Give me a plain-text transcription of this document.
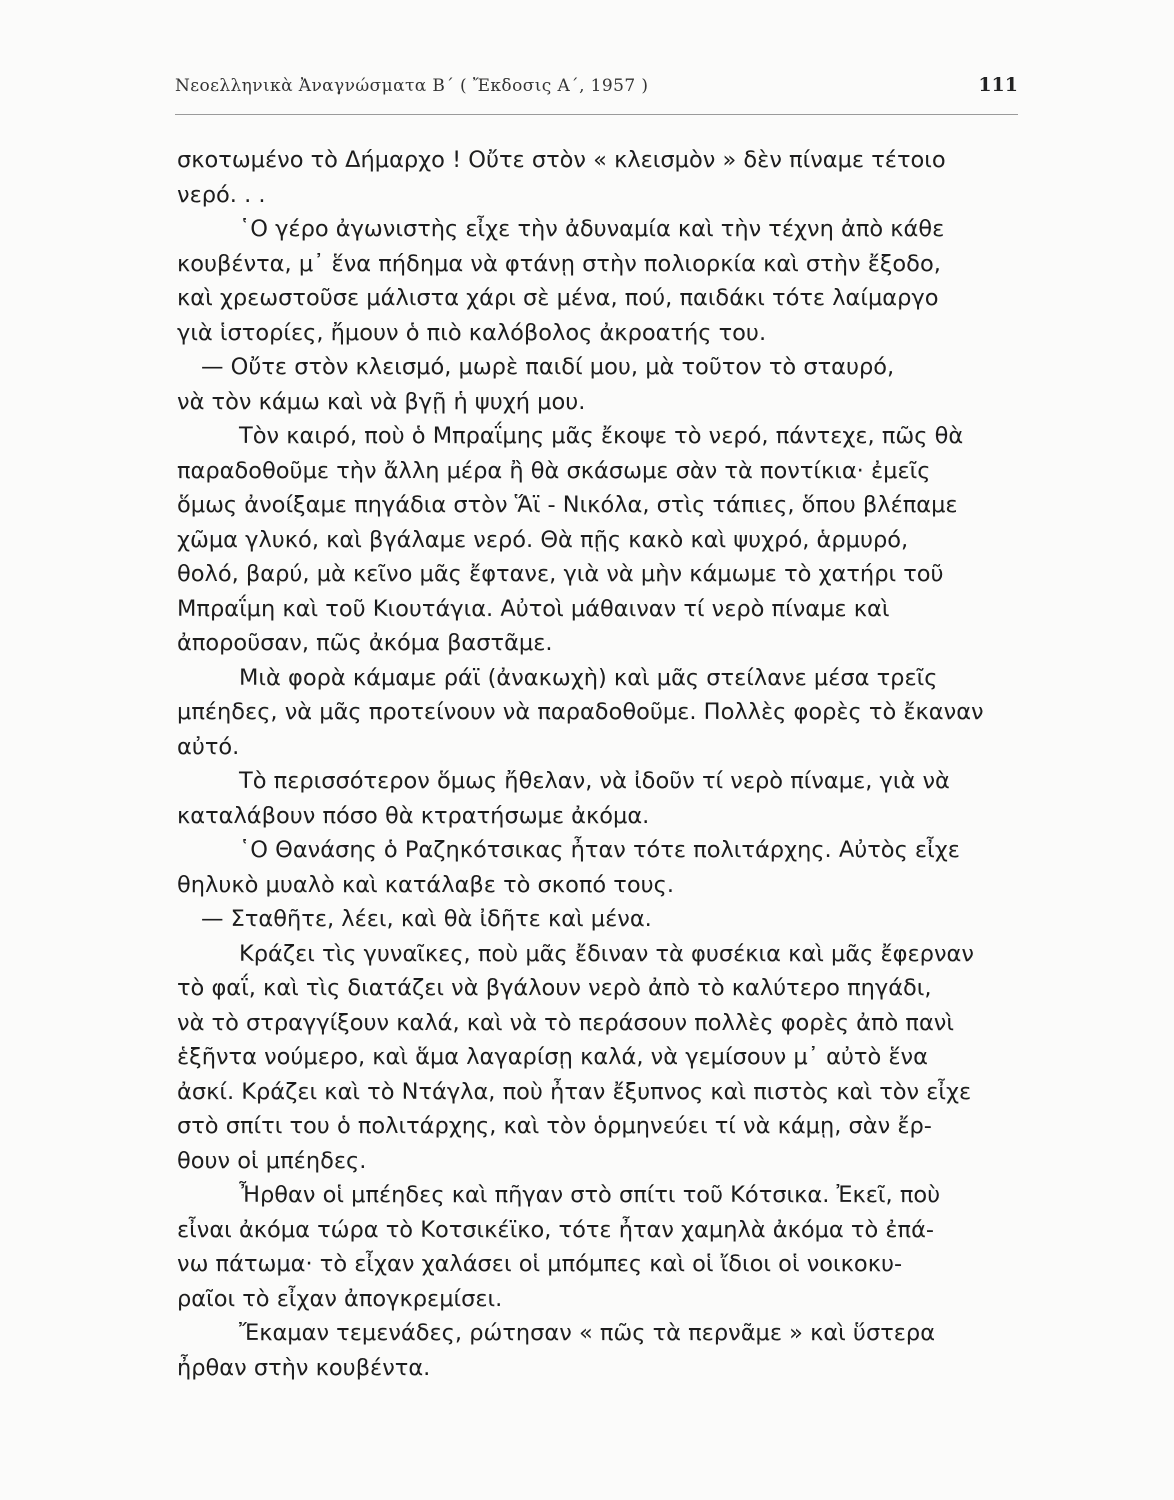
Νεοελληνικὰ Ἀναγνώσματα Β΄ ( Ἔκδοσις Α΄, 1957 )	111

σκοτωμένο τὸ Δήμαρχο ! Οὔτε στὸν « κλεισμὸν » δὲν πίναμε τέτοιο
νερό. . .

῾Ο γέρο ἀγωνιστὴς εἶχε τὴν ἀδυναμία καὶ τὴν τέχνη ἀπὸ κάθε
κουβέντα, μ᾿ ἕνα πήδημα νὰ φτάνῃ στὴν πολιορκία καὶ στὴν ἔξοδο,
καὶ χρεωστοῦσε μάλιστα χάρι σὲ μένα, πού, παιδάκι τότε λαίμαργο
γιὰ ἱστορίες, ἤμουν ὁ πιὸ καλόβολος ἀκροατής του.

— Οὔτε στὸν κλεισμό, μωρὲ παιδί μου, μὰ τοῦτον τὸ σταυρό,
νὰ τὸν κάμω καὶ νὰ βγῇ ἡ ψυχή μου.

Τὸν καιρό, ποὺ ὁ Μπραΐμης μᾶς ἔκοψε τὸ νερό, πάντεχε, πῶς θὰ
παραδοθοῦμε τὴν ἄλλη μέρα ἢ θὰ σκάσωμε σὰν τὰ ποντίκια· ἐμεῖς
ὅμως ἀνοίξαμε πηγάδια στὸν Ἅϊ - Νικόλα, στὶς τάπιες, ὅπου βλέπαμε
χῶμα γλυκό, καὶ βγάλαμε νερό. Θὰ πῇς κακὸ καὶ ψυχρό, ἁρμυρό,
θολό, βαρύ, μὰ κεῖνο μᾶς ἔφτανε, γιὰ νὰ μὴν κάμωμε τὸ χατήρι τοῦ
Μπραΐμη καὶ τοῦ Κιουτάγια. Αὐτοὶ μάθαιναν τί νερὸ πίναμε καὶ
ἀποροῦσαν, πῶς ἀκόμα βαστᾶμε.

Μιὰ φορὰ κάμαμε ράϊ (ἀνακωχὴ) καὶ μᾶς στείλανε μέσα τρεῖς
μπέηδες, νὰ μᾶς προτείνουν νὰ παραδοθοῦμε. Πολλὲς φορὲς τὸ ἔκαναν
αὐτό.

Τὸ περισσότερον ὅμως ἤθελαν, νὰ ἰδοῦν τί νερὸ πίναμε, γιὰ νὰ
καταλάβουν πόσο θὰ κτρατήσωμε ἀκόμα.

῾Ο Θανάσης ὁ Ραζηκότσικας ἦταν τότε πολιτάρχης. Αὐτὸς εἶχε
θηλυκὸ μυαλὸ καὶ κατάλαβε τὸ σκοπό τους.

— Σταθῆτε, λέει, καὶ θὰ ἰδῆτε καὶ μένα.

Κράζει τὶς γυναῖκες, ποὺ μᾶς ἔδιναν τὰ φυσέκια καὶ μᾶς ἔφερναν
τὸ φαΐ, καὶ τὶς διατάζει νὰ βγάλουν νερὸ ἀπὸ τὸ καλύτερο πηγάδι,
νὰ τὸ στραγγίξουν καλά, καὶ νὰ τὸ περάσουν πολλὲς φορὲς ἀπὸ πανὶ
ἑξῆντα νούμερο, καὶ ἅμα λαγαρίσῃ καλά, νὰ γεμίσουν μ᾿ αὐτὸ ἕνα
ἀσκί. Κράζει καὶ τὸ Ντάγλα, ποὺ ἦταν ἔξυπνος καὶ πιστὸς καὶ τὸν εἶχε
στὸ σπίτι του ὁ πολιτάρχης, καὶ τὸν ὁρμηνεύει τί νὰ κάμῃ, σὰν ἔρ-
θουν οἱ μπέηδες.

Ἦρθαν οἱ μπέηδες καὶ πῆγαν στὸ σπίτι τοῦ Κότσικα. Ἐκεῖ, ποὺ
εἶναι ἀκόμα τώρα τὸ Κοτσικέϊκο, τότε ἦταν χαμηλὰ ἀκόμα τὸ ἐπά-
νω πάτωμα· τὸ εἶχαν χαλάσει οἱ μπόμπες καὶ οἱ ἴδιοι οἱ νοικοκυ-
ραῖοι τὸ εἶχαν ἀπογκρεμίσει.

Ἔκαμαν τεμενάδες, ρώτησαν « πῶς τὰ περνᾶμε » καὶ ὕστερα
ἦρθαν στὴν κουβέντα.
